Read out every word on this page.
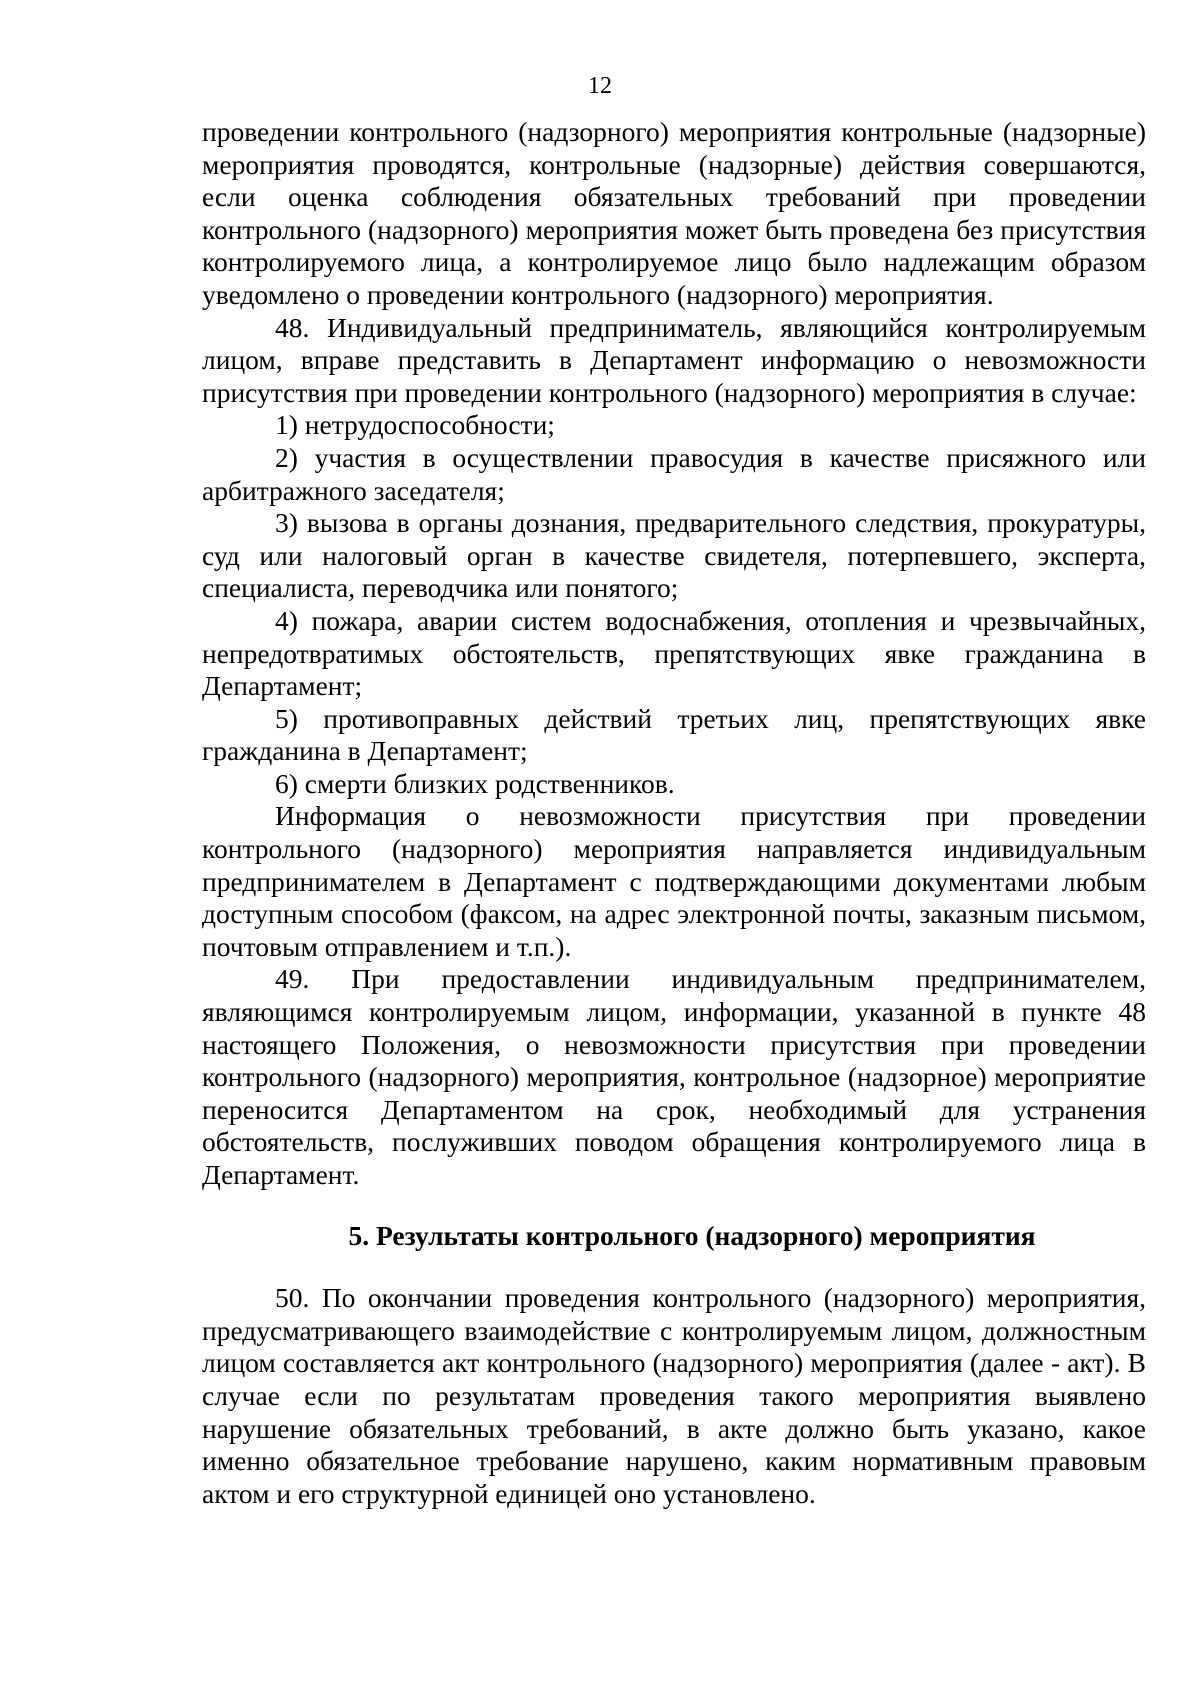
12

проведении контрольного (надзорного) мероприятия контрольные (надзорные) мероприятия проводятся, контрольные (надзорные) действия совершаются, если оценка соблюдения обязательных требований при проведении контрольного (надзорного) мероприятия может быть проведена без присутствия контролируемого лица, а контролируемое лицо было надлежащим образом уведомлено о проведении контрольного (надзорного) мероприятия.

48. Индивидуальный предприниматель, являющийся контролируемым лицом, вправе представить в Департамент информацию о невозможности присутствия при проведении контрольного (надзорного) мероприятия в случае:

1) нетрудоспособности;

2) участия в осуществлении правосудия в качестве присяжного или арбитражного заседателя;

3) вызова в органы дознания, предварительного следствия, прокуратуры, суд или налоговый орган в качестве свидетеля, потерпевшего, эксперта, специалиста, переводчика или понятого;

4) пожара, аварии систем водоснабжения, отопления и чрезвычайных, непредотвратимых обстоятельств, препятствующих явке гражданина в Департамент;

5) противоправных действий третьих лиц, препятствующих явке гражданина в Департамент;

6) смерти близких родственников.

Информация о невозможности присутствия при проведении контрольного (надзорного) мероприятия направляется индивидуальным предпринимателем в Департамент с подтверждающими документами любым доступным способом (факсом, на адрес электронной почты, заказным письмом, почтовым отправлением и т.п.).

49. При предоставлении индивидуальным предпринимателем, являющимся контролируемым лицом, информации, указанной в пункте 48 настоящего Положения, о невозможности присутствия при проведении контрольного (надзорного) мероприятия, контрольное (надзорное) мероприятие переносится Департаментом на срок, необходимый для устранения обстоятельств, послуживших поводом обращения контролируемого лица в Департамент.

5. Результаты контрольного (надзорного) мероприятия

50. По окончании проведения контрольного (надзорного) мероприятия, предусматривающего взаимодействие с контролируемым лицом, должностным лицом составляется акт контрольного (надзорного) мероприятия (далее - акт). В случае если по результатам проведения такого мероприятия выявлено нарушение обязательных требований, в акте должно быть указано, какое именно обязательное требование нарушено, каким нормативным правовым актом и его структурной единицей оно установлено.
